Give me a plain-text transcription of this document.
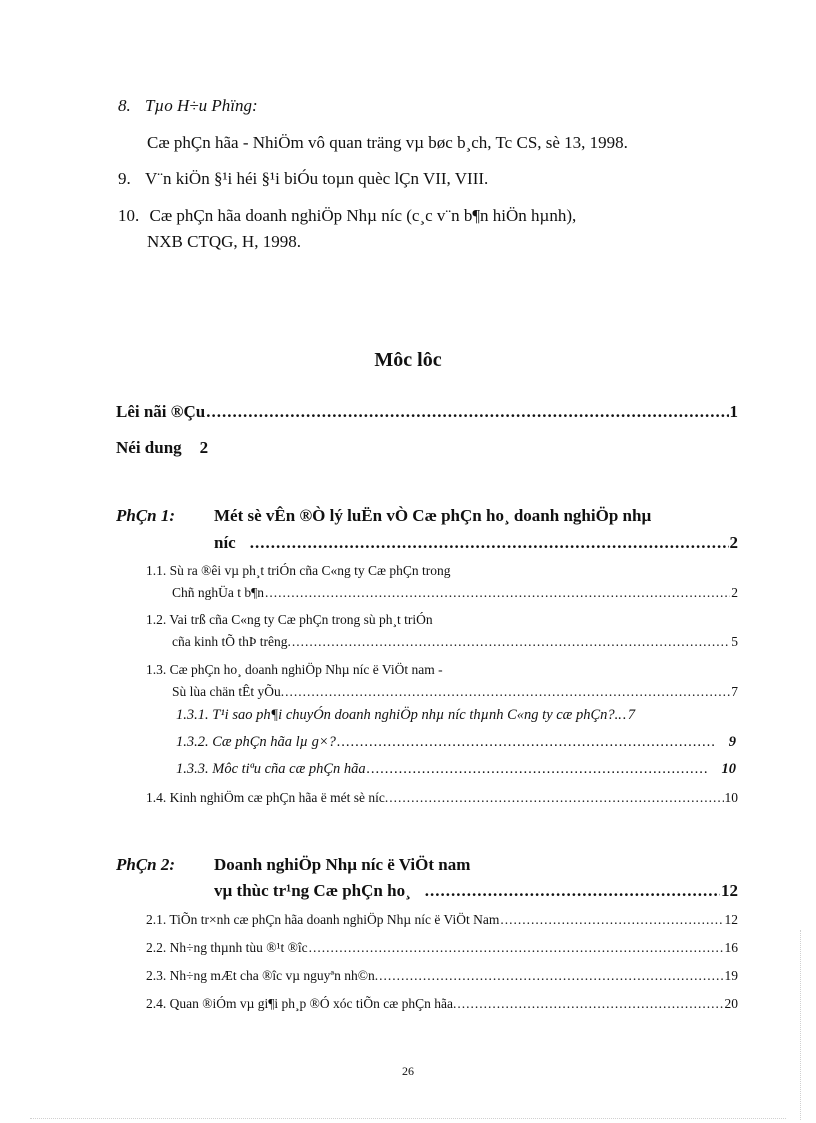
8. Tµo H÷u Phïng:
Cæ phÇn hãa - NhiÖm vô quan träng vµ bøc b¸ch, Tc CS, sè 13, 1998.
9. V¨n kiÖn §¹i héi §¹i biÓu toµn quèc lÇn VII, VIII.
10. Cæ phÇn hãa doanh nghiÖp Nhµ níc (c¸c v¨n b¶n hiÖn hµnh),
NXB CTQG, H, 1998.
Môc lôc
Lêi nãi ®Çu .....	1
Néi dung 2
PhÇn 1: Mét sè vÊn ®Ò lý luËn vÒ Cæ phÇn ho¸ doanh nghiÖp nhµ
níc .....	2
1.1. Sù ra ®êi vµ ph¸t triÓn cña C«ng ty Cæ phÇn trong
Chñ nghÜa t b¶n .....	2
1.2. Vai trß cña C«ng ty Cæ phÇn trong sù ph¸t triÓn
cña kinh tÕ thÞ trêng. .....	5
1.3. Cæ phÇn ho¸ doanh nghiÖp Nhµ níc ë ViÖt nam -
Sù lùa chän tÊt yÕu. .....	7
1.3.1. T¹i sao ph¶i chuyÓn doanh nghiÖp nhµ níc thµnh C«ng ty cæ phÇn?.. ..... 7
1.3.2. Cæ phÇn hãa lµ g×? .....	9
1.3.3. Môc tiªu cña cæ phÇn hãa .....	10
1.4. Kinh nghiÖm cæ phÇn hãa ë mét sè níc. .....	10
PhÇn 2: Doanh nghiÖp Nhµ níc ë ViÖt nam
vµ thùc tr¹ng Cæ phÇn ho¸ .....	12
2.1. TiÕn tr×nh cæ phÇn hãa doanh nghiÖp Nhµ níc ë ViÖt Nam .....	12
2.2. Nh÷ng thµnh tùu ®¹t ®îc .....	16
2.3. Nh÷ng mÆt cha ®îc vµ nguyªn nh©n. .....	19
2.4. Quan ®iÓm vµ gi¶i ph¸p ®Ó xóc tiÕn cæ phÇn hãa. .....	20
26
